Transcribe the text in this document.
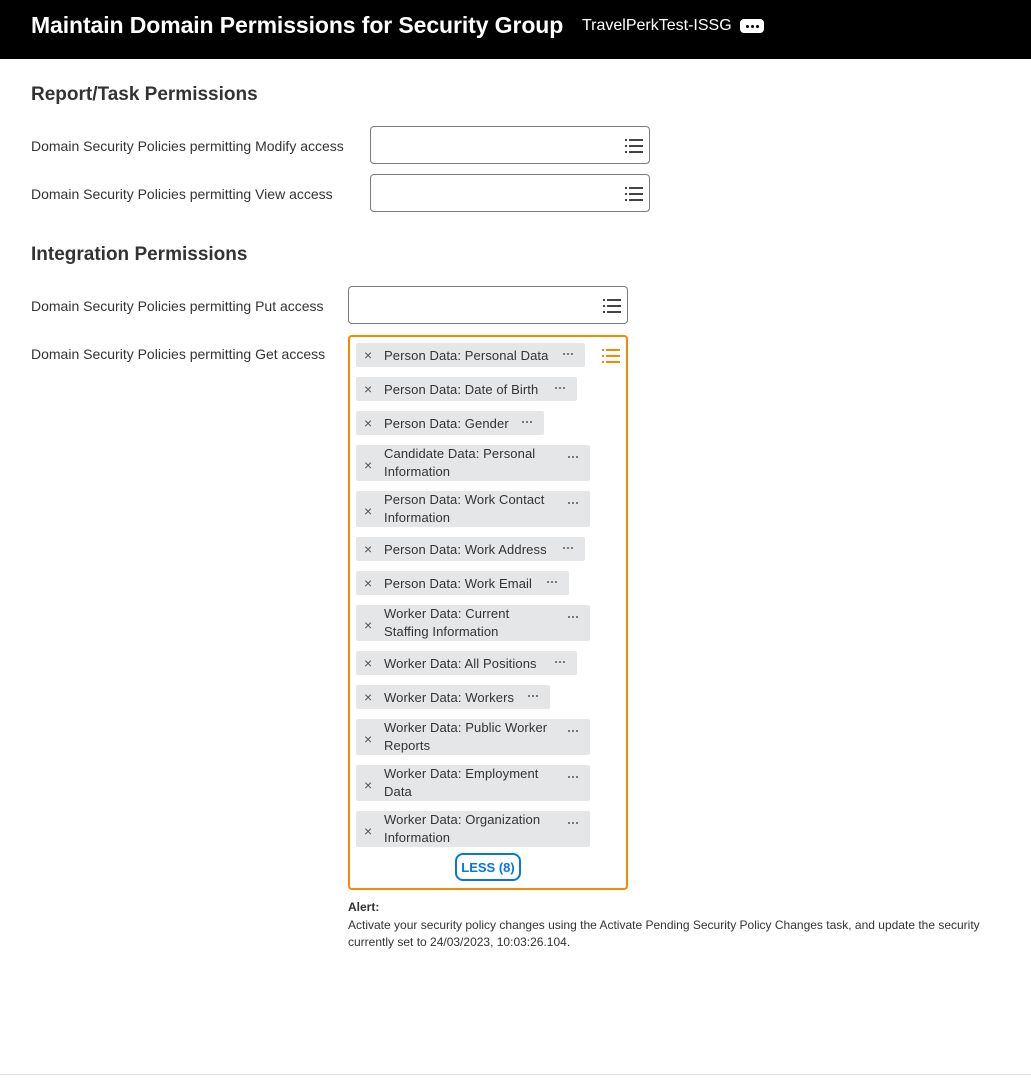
Maintain Domain Permissions for Security Group TravelPerkTest-ISSG
Report/Task Permissions
Domain Security Policies permitting Modify access
Domain Security Policies permitting View access
Integration Permissions
Domain Security Policies permitting Put access
Domain Security Policies permitting Get access	× Person Data: Personal Data
× Person Data: Date of Birth
× Person Data: Gender
×
Candidate Data: Personal
Information
×
Person Data: Work Contact
Information
× Person Data: Work Address
× Person Data: Work Email
×
Worker Data: Current
Staffing Information
× Worker Data: All Positions
× Worker Data: Workers
×
Worker Data: Public Worker
Reports
×
Worker Data: Employment
Data
×
Worker Data: Organization
Information
LESS (8)
Alert:
Activate your security policy changes using the Activate Pending Security Policy Changes task, and update the security
currently set to 24/03/2023, 10:03:26.104.
